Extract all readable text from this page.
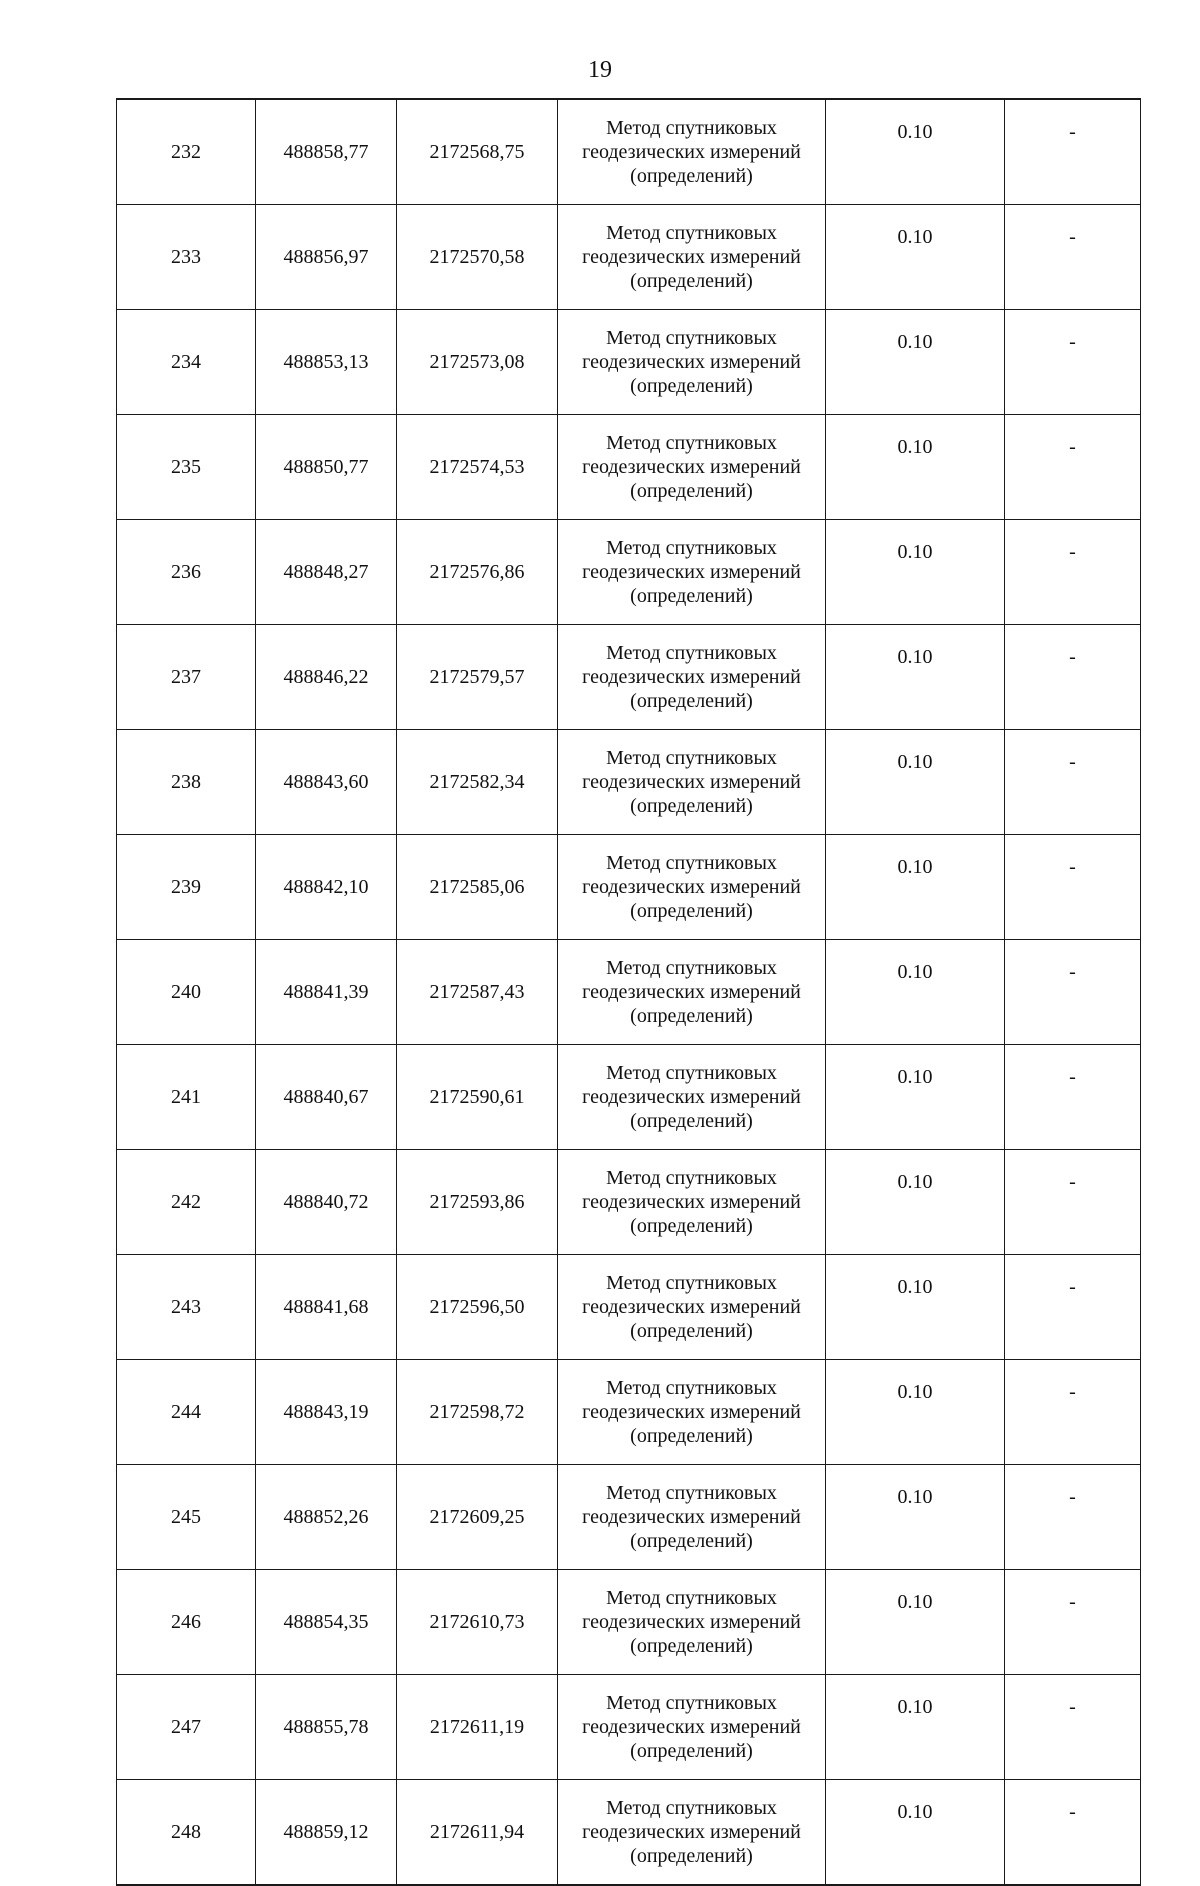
19
232	488858,77	2172568,75	Метод спутниковых
геодезических измерений
(определений)	0.10	-
233	488856,97	2172570,58	Метод спутниковых
геодезических измерений
(определений)	0.10	-
234	488853,13	2172573,08	Метод спутниковых
геодезических измерений
(определений)	0.10	-
235	488850,77	2172574,53	Метод спутниковых
геодезических измерений
(определений)	0.10	-
236	488848,27	2172576,86	Метод спутниковых
геодезических измерений
(определений)	0.10	-
237	488846,22	2172579,57	Метод спутниковых
геодезических измерений
(определений)	0.10	-
238	488843,60	2172582,34	Метод спутниковых
геодезических измерений
(определений)	0.10	-
239	488842,10	2172585,06	Метод спутниковых
геодезических измерений
(определений)	0.10	-
240	488841,39	2172587,43	Метод спутниковых
геодезических измерений
(определений)	0.10	-
241	488840,67	2172590,61	Метод спутниковых
геодезических измерений
(определений)	0.10	-
242	488840,72	2172593,86	Метод спутниковых
геодезических измерений
(определений)	0.10	-
243	488841,68	2172596,50	Метод спутниковых
геодезических измерений
(определений)	0.10	-
244	488843,19	2172598,72	Метод спутниковых
геодезических измерений
(определений)	0.10	-
245	488852,26	2172609,25	Метод спутниковых
геодезических измерений
(определений)	0.10	-
246	488854,35	2172610,73	Метод спутниковых
геодезических измерений
(определений)	0.10	-
247	488855,78	2172611,19	Метод спутниковых
геодезических измерений
(определений)	0.10	-
248	488859,12	2172611,94	Метод спутниковых
геодезических измерений
(определений)	0.10	-
